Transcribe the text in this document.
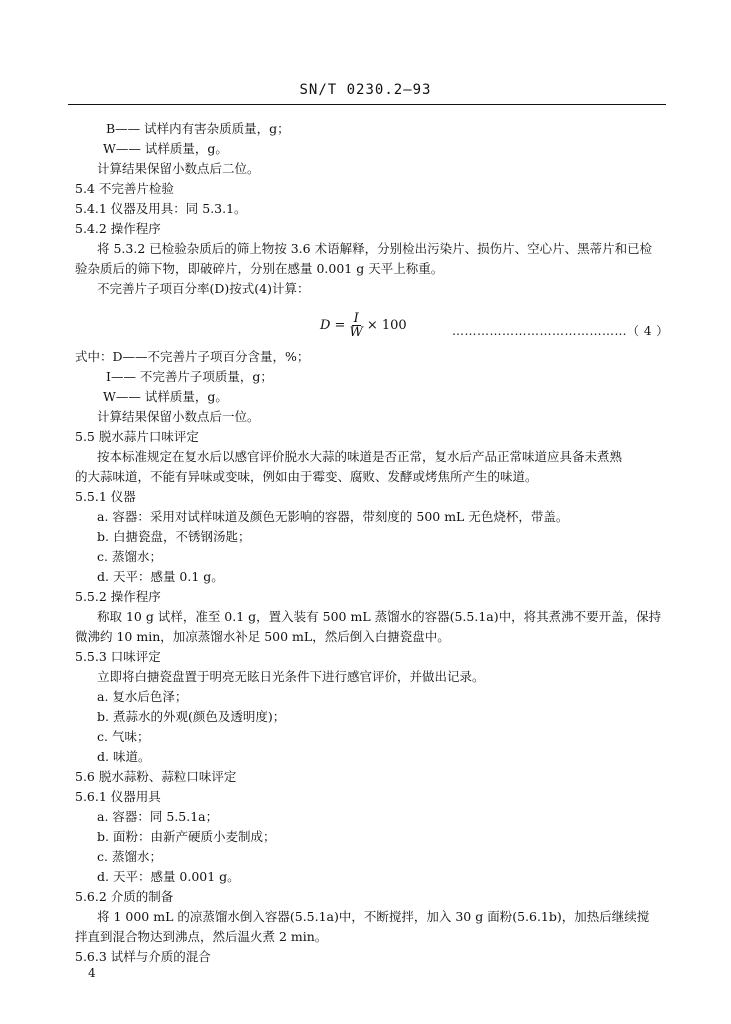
SN/T 0230.2—93
B—— 试样内有害杂质质量，g；
W—— 试样质量，g。
计算结果保留小数点后二位。
5.4 不完善片检验
5.4.1 仪器及用具：同 5.3.1。
5.4.2 操作程序
将 5.3.2 已检验杂质后的筛上物按 3.6 术语解释，分别检出污染片、损伤片、空心片、黑蒂片和已检
验杂质后的筛下物，即破碎片，分别在感量 0.001 g 天平上称重。
不完善片子项百分率(D)按式(4)计算：
$D = \frac{I}{W} \times 100$	……………………………………（ 4 ）
式中：D——不完善片子项百分含量，%；
I—— 不完善片子项质量，g；
W—— 试样质量，g。
计算结果保留小数点后一位。
5.5 脱水蒜片口味评定
按本标准规定在复水后以感官评价脱水大蒜的味道是否正常，复水后产品正常味道应具备未煮熟
的大蒜味道，不能有异味或变味，例如由于霉变、腐败、发酵或烤焦所产生的味道。
5.5.1 仪器
a. 容器：采用对试样味道及颜色无影响的容器，带刻度的 500 mL 无色烧杯，带盖。
b. 白搪瓷盘，不锈钢汤匙；
c. 蒸馏水；
d. 天平：感量 0.1 g。
5.5.2 操作程序
称取 10 g 试样，准至 0.1 g，置入装有 500 mL 蒸馏水的容器(5.5.1a)中，将其煮沸不要开盖，保持
微沸约 10 min，加凉蒸馏水补足 500 mL，然后倒入白搪瓷盘中。
5.5.3 口味评定
立即将白搪瓷盘置于明亮无眩日光条件下进行感官评价，并做出记录。
a. 复水后色泽；
b. 煮蒜水的外观(颜色及透明度)；
c. 气味；
d. 味道。
5.6 脱水蒜粉、蒜粒口味评定
5.6.1 仪器用具
a. 容器：同 5.5.1a；
b. 面粉：由新产硬质小麦制成；
c. 蒸馏水；
d. 天平：感量 0.001 g。
5.6.2 介质的制备
将 1 000 mL 的凉蒸馏水倒入容器(5.5.1a)中，不断搅拌，加入 30 g 面粉(5.6.1b)，加热后继续搅
拌直到混合物达到沸点，然后温火煮 2 min。
5.6.3 试样与介质的混合
4
